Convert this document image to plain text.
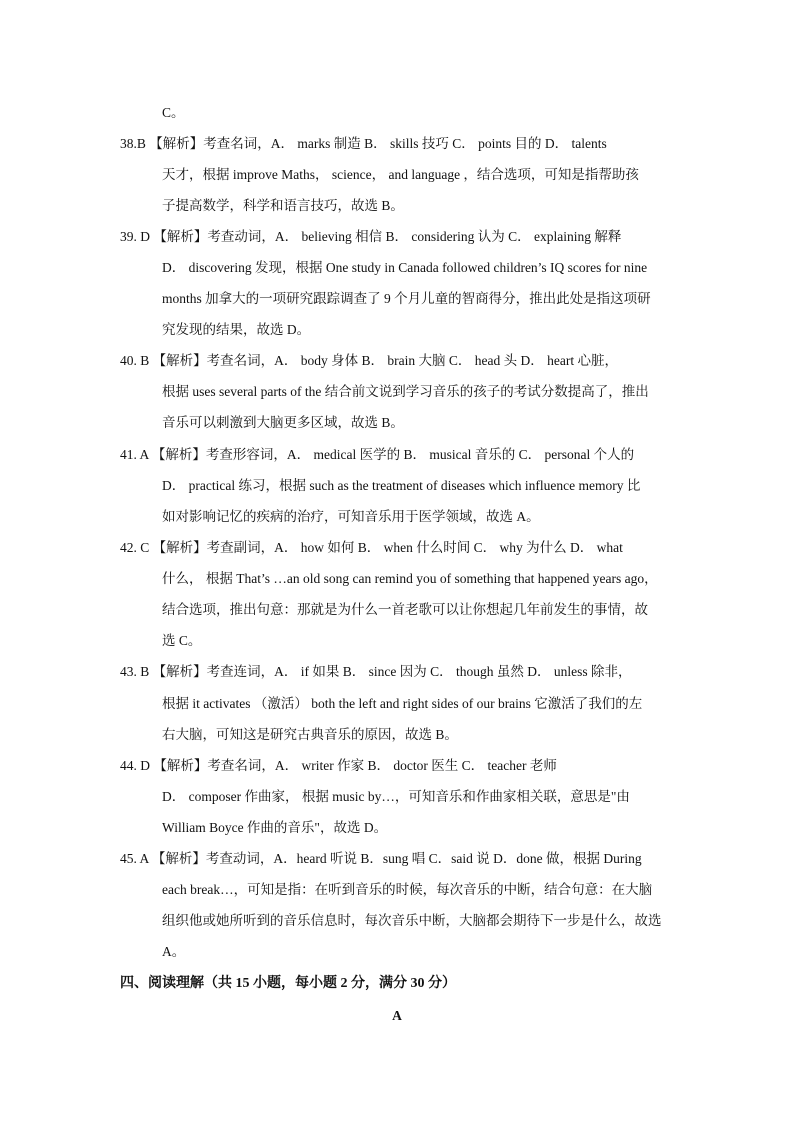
C。
38.B 【解析】考查名词，A． marks 制造 B． skills 技巧 C． points 目的 D． talents
天才，根据 improve Maths， science， and language ，结合选项，可知是指帮助孩
子提高数学，科学和语言技巧，故选 B。
39. D 【解析】考查动词，A． believing 相信 B． considering 认为 C． explaining 解释
D． discovering 发现，根据 One study in Canada followed children’s IQ scores for nine
months 加拿大的一项研究跟踪调查了 9 个月儿童的智商得分，推出此处是指这项研
究发现的结果，故选 D。
40. B 【解析】考查名词，A． body 身体 B． brain 大脑 C． head 头 D． heart 心脏，
根据 uses several parts of the 结合前文说到学习音乐的孩子的考试分数提高了，推出
音乐可以刺激到大脑更多区域，故选 B。
41. A 【解析】考查形容词，A． medical 医学的 B． musical 音乐的 C． personal 个人的
D． practical 练习，根据 such as the treatment of diseases which influence memory 比
如对影响记忆的疾病的治疗，可知音乐用于医学领域，故选 A。
42. C 【解析】考查副词，A． how 如何 B． when 什么时间 C． why 为什么 D． what
什么， 根据 That’s …an old song can remind you of something that happened years ago，
结合选项，推出句意：那就是为什么一首老歌可以让你想起几年前发生的事情，故
选 C。
43. B 【解析】考查连词，A． if 如果 B． since 因为 C． though 虽然 D． unless 除非，
根据 it activates （激活） both the left and right sides of our brains 它激活了我们的左
右大脑，可知这是研究古典音乐的原因，故选 B。
44. D 【解析】考查名词，A． writer 作家 B． doctor 医生 C． teacher 老师
D． composer 作曲家， 根据 music by…，可知音乐和作曲家相关联，意思是"由
William Boyce 作曲的音乐"，故选 D。
45. A 【解析】考查动词，A．heard 听说 B．sung 唱 C．said 说 D．done 做，根据 During
each break…，可知是指：在听到音乐的时候，每次音乐的中断，结合句意：在大脑
组织他或她所听到的音乐信息时，每次音乐中断，大脑都会期待下一步是什么，故选
A。
四、阅读理解（共 15 小题，每小题 2 分，满分 30 分）
A
